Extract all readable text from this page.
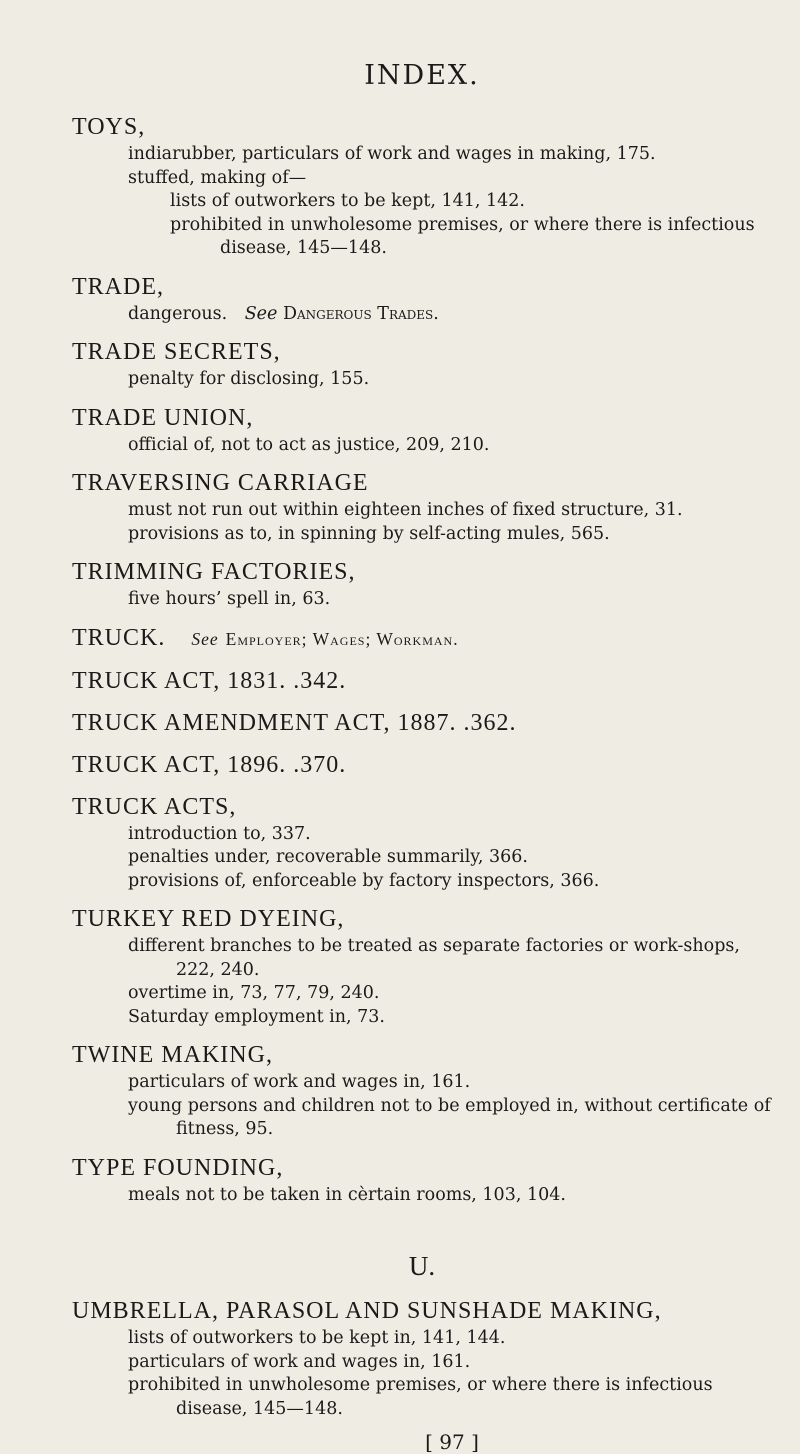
INDEX.
TOYS,
indiarubber, particulars of work and wages in making, 175.
stuffed, making of—
lists of outworkers to be kept, 141, 142.
prohibited in unwholesome premises, or where there is infectious disease, 145—148.
TRADE,
dangerous.  See Dangerous Trades.
TRADE SECRETS,
penalty for disclosing, 155.
TRADE UNION,
official of, not to act as justice, 209, 210.
TRAVERSING CARRIAGE
must not run out within eighteen inches of fixed structure, 31.
provisions as to, in spinning by self-acting mules, 565.
TRIMMING FACTORIES,
five hours’ spell in, 63.
TRUCK.   See Employer; Wages; Workman.
TRUCK ACT, 1831. .342.
TRUCK AMENDMENT ACT, 1887. .362.
TRUCK ACT, 1896. .370.
TRUCK ACTS,
introduction to, 337.
penalties under, recoverable summarily, 366.
provisions of, enforceable by factory inspectors, 366.
TURKEY RED DYEING,
different branches to be treated as separate factories or work-shops, 222, 240.
overtime in, 73, 77, 79, 240.
Saturday employment in, 73.
TWINE MAKING,
particulars of work and wages in, 161.
young persons and children not to be employed in, without certificate of fitness, 95.
TYPE FOUNDING,
meals not to be taken in cèrtain rooms, 103, 104.
U.
UMBRELLA, PARASOL AND SUNSHADE MAKING,
lists of outworkers to be kept in, 141, 144.
particulars of work and wages in, 161.
prohibited in unwholesome premises, or where there is infectious disease, 145—148.
[ 97 ]
